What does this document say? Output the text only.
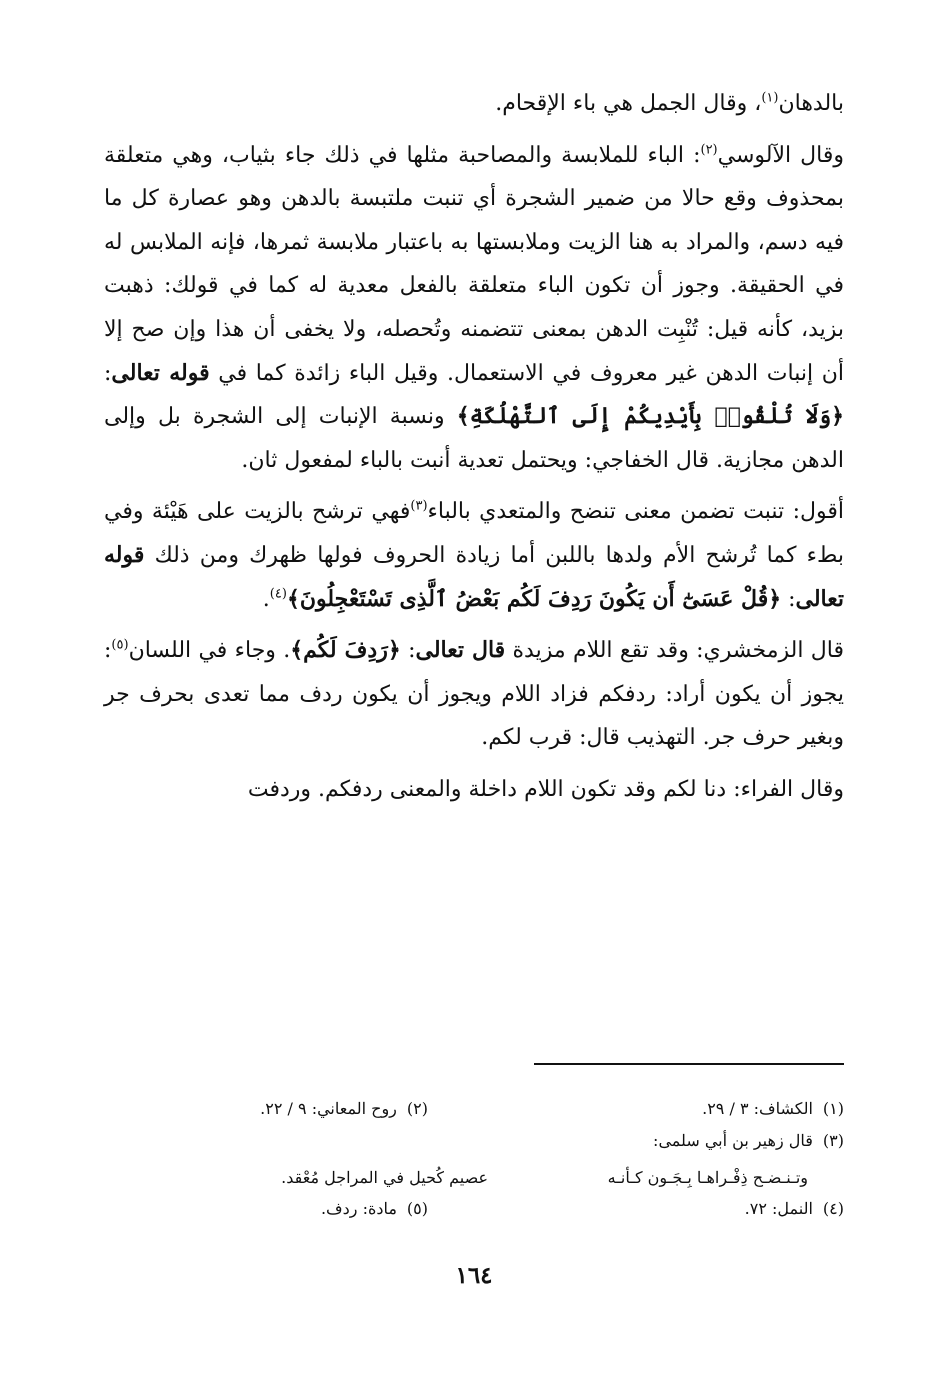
بالدهان$^{(١)}$، وقال الجمل هي باء الإقحام.

وقال الآلوسي$^{(٢)}$: الباء للملابسة والمصاحبة مثلها في ذلك جاء بثياب، وهي متعلقة بمحذوف وقع حالا من ضمير الشجرة أي تنبت ملتبسة بالدهن وهو عصارة كل ما فيه دسم، والمراد به هنا الزيت وملابستها به باعتبار ملابسة ثمرها، فإنه الملابس له في الحقيقة. وجوز أن تكون الباء متعلقة بالفعل معدية له كما في قولك: ذهبت بزيد، كأنه قيل: تُنْبِت الدهن بمعنى تتضمنه وتُحصله، ولا يخفى أن هذا وإن صح إلا أن إنبات الدهن غير معروف في الاستعمال. وقيل الباء زائدة كما في قوله تعالى: ﴿وَلَا تُلْقُوا۟ بِأَيْدِيكُمْ إِلَى ٱلتَّهْلُكَةِ﴾ ونسبة الإنبات إلى الشجرة بل وإلى الدهن مجازية. قال الخفاجي: ويحتمل تعدية أنبت بالباء لمفعول ثان.

أقول: تنبت تضمن معنى تنضح والمتعدي بالباء$^{(٣)}$فهي ترشح بالزيت على هَيْئة وفي بطء كما تُرشح الأم ولدها باللبن أما زيادة الحروف فولها ظهرك ومن ذلك قوله تعالى: ﴿قُلْ عَسَىٰٓ أَن يَكُونَ رَدِفَ لَكُم بَعْضُ ٱلَّذِى تَسْتَعْجِلُونَ﴾$^{(٤)}$.

قال الزمخشري: وقد تقع اللام مزيدة قال تعالى: ﴿رَدِفَ لَكُم﴾. وجاء في اللسان$^{(٥)}$: يجوز أن يكون أراد: ردفكم فزاد اللام ويجوز أن يكون ردف مما تعدى بحرف جر وبغير حرف جر. التهذيب قال: قرب لكم.

وقال الفراء: دنا لكم وقد تكون اللام داخلة والمعنى ردفكم. وردفت

(١)الكشاف: ٣ / ٢٩.
(٢)روح المعاني: ٩ / ٢٢.
(٣)قال زهير بن أبي سلمى:
وتـنـضـح ذِفْـراهـا بِـجَـون كـأنـه
عصيم كُحيل في المراجل مُعْقد.
(٤)النمل: ٧٢.
(٥)مادة: ردف.
١٦٤
